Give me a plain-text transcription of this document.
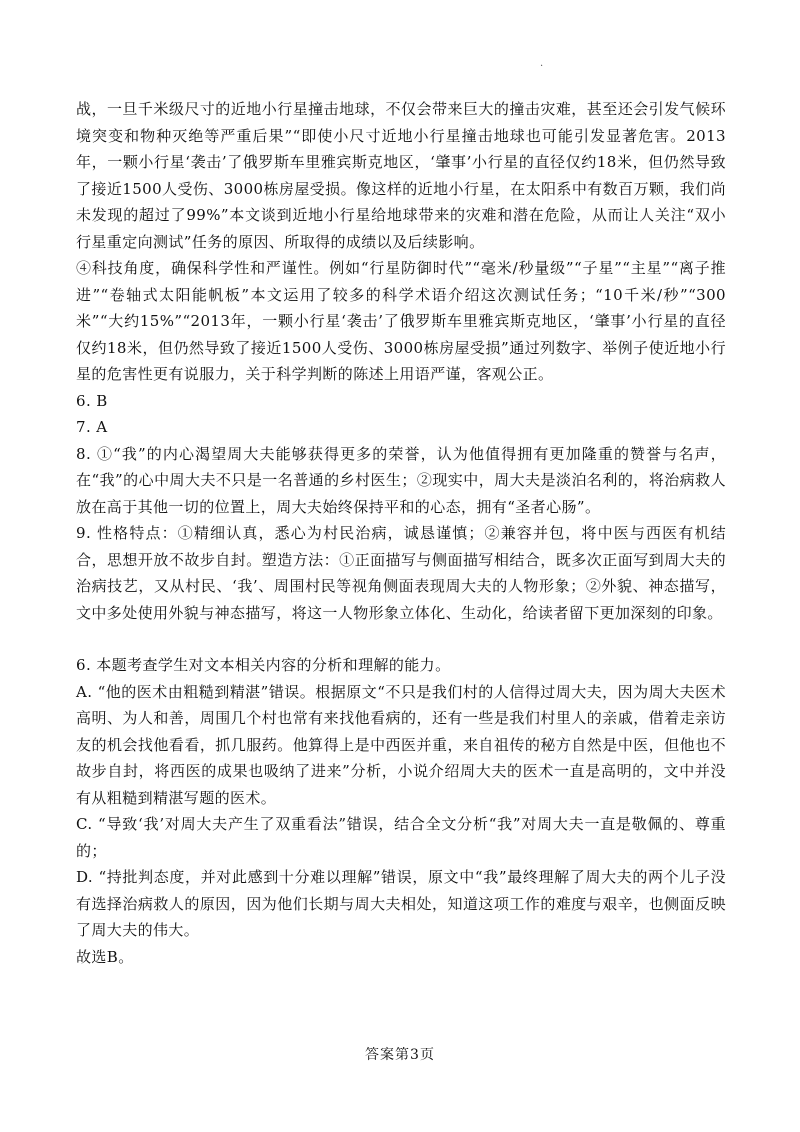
.

战，一旦千米级尺寸的近地小行星撞击地球，不仅会带来巨大的撞击灾难，甚至还会引发气候环境突变和物种灭绝等严重后果”“即使小尺寸近地小行星撞击地球也可能引发显著危害。2013年，一颗小行星‘袭击’了俄罗斯车里雅宾斯克地区，‘肇事’小行星的直径仅约18米，但仍然导致了接近1500人受伤、3000栋房屋受损。像这样的近地小行星，在太阳系中有数百万颗，我们尚未发现的超过了99%”本文谈到近地小行星给地球带来的灾难和潜在危险，从而让人关注“双小行星重定向测试”任务的原因、所取得的成绩以及后续影响。

④科技角度，确保科学性和严谨性。例如“行星防御时代”“毫米/秒量级”“子星”“主星”“离子推进”“卷轴式太阳能帆板”本文运用了较多的科学术语介绍这次测试任务；“10千米/秒”“300米”“大约15%”“2013年，一颗小行星‘袭击’了俄罗斯车里雅宾斯克地区，‘肇事’小行星的直径仅约18米，但仍然导致了接近1500人受伤、3000栋房屋受损”通过列数字、举例子使近地小行星的危害性更有说服力，关于科学判断的陈述上用语严谨，客观公正。

6. B

7. A

8. ①“我”的内心渴望周大夫能够获得更多的荣誉，认为他值得拥有更加隆重的赞誉与名声，在“我”的心中周大夫不只是一名普通的乡村医生；②现实中，周大夫是淡泊名利的，将治病救人放在高于其他一切的位置上，周大夫始终保持平和的心态，拥有“圣者心肠”。

9. 性格特点：①精细认真，悉心为村民治病，诚恳谨慎；②兼容并包，将中医与西医有机结合，思想开放不故步自封。塑造方法：①正面描写与侧面描写相结合，既多次正面写到周大夫的治病技艺，又从村民、‘我’、周围村民等视角侧面表现周大夫的人物形象；②外貌、神态描写，文中多处使用外貌与神态描写，将这一人物形象立体化、生动化，给读者留下更加深刻的印象。

6. 本题考查学生对文本相关内容的分析和理解的能力。

A. “他的医术由粗糙到精湛”错误。根据原文“不只是我们村的人信得过周大夫，因为周大夫医术高明、为人和善，周围几个村也常有来找他看病的，还有一些是我们村里人的亲戚，借着走亲访友的机会找他看看，抓几服药。他算得上是中西医并重，来自祖传的秘方自然是中医，但他也不故步自封，将西医的成果也吸纳了进来”分析，小说介绍周大夫的医术一直是高明的，文中并没有从粗糙到精湛写题的医术。

C. “导致‘我’对周大夫产生了双重看法”错误，结合全文分析“我”对周大夫一直是敬佩的、尊重的；

D. “持批判态度，并对此感到十分难以理解”错误，原文中“我”最终理解了周大夫的两个儿子没有选择治病救人的原因，因为他们长期与周大夫相处，知道这项工作的难度与艰辛，也侧面反映了周大夫的伟大。

故选B。

答案第3页
